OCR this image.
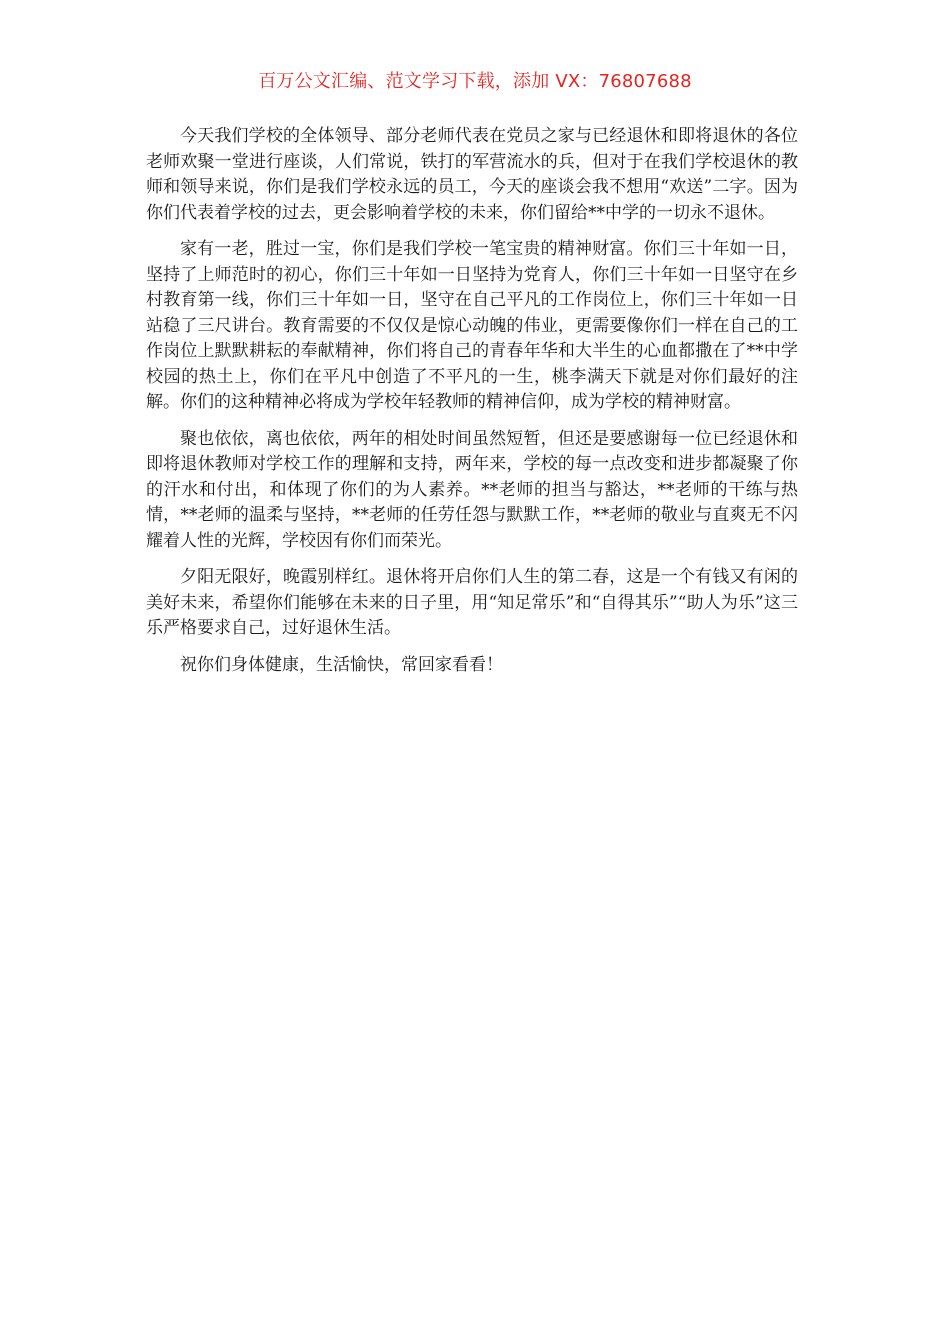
百万公文汇编、范文学习下载，添加 VX：76807688

今天我们学校的全体领导、部分老师代表在党员之家与已经退休和即将退休的各位老师欢聚一堂进行座谈，人们常说，铁打的军营流水的兵，但对于在我们学校退休的教师和领导来说，你们是我们学校永远的员工，今天的座谈会我不想用“欢送”二字。因为你们代表着学校的过去，更会影响着学校的未来，你们留给**中学的一切永不退休。

家有一老，胜过一宝，你们是我们学校一笔宝贵的精神财富。你们三十年如一日，坚持了上师范时的初心，你们三十年如一日坚持为党育人，你们三十年如一日坚守在乡村教育第一线，你们三十年如一日，坚守在自己平凡的工作岗位上，你们三十年如一日站稳了三尺讲台。教育需要的不仅仅是惊心动魄的伟业，更需要像你们一样在自己的工作岗位上默默耕耘的奉献精神，你们将自己的青春年华和大半生的心血都撒在了**中学校园的热土上，你们在平凡中创造了不平凡的一生，桃李满天下就是对你们最好的注解。你们的这种精神必将成为学校年轻教师的精神信仰，成为学校的精神财富。

聚也依依，离也依依，两年的相处时间虽然短暂，但还是要感谢每一位已经退休和即将退休教师对学校工作的理解和支持，两年来，学校的每一点改变和进步都凝聚了你的汗水和付出，和体现了你们的为人素养。**老师的担当与豁达，**老师的干练与热情，**老师的温柔与坚持，**老师的任劳任怨与默默工作，**老师的敬业与直爽无不闪耀着人性的光辉，学校因有你们而荣光。

夕阳无限好，晚霞别样红。退休将开启你们人生的第二春，这是一个有钱又有闲的美好未来，希望你们能够在未来的日子里，用“知足常乐”和“自得其乐”“助人为乐”这三乐严格要求自己，过好退休生活。

祝你们身体健康，生活愉快，常回家看看！
